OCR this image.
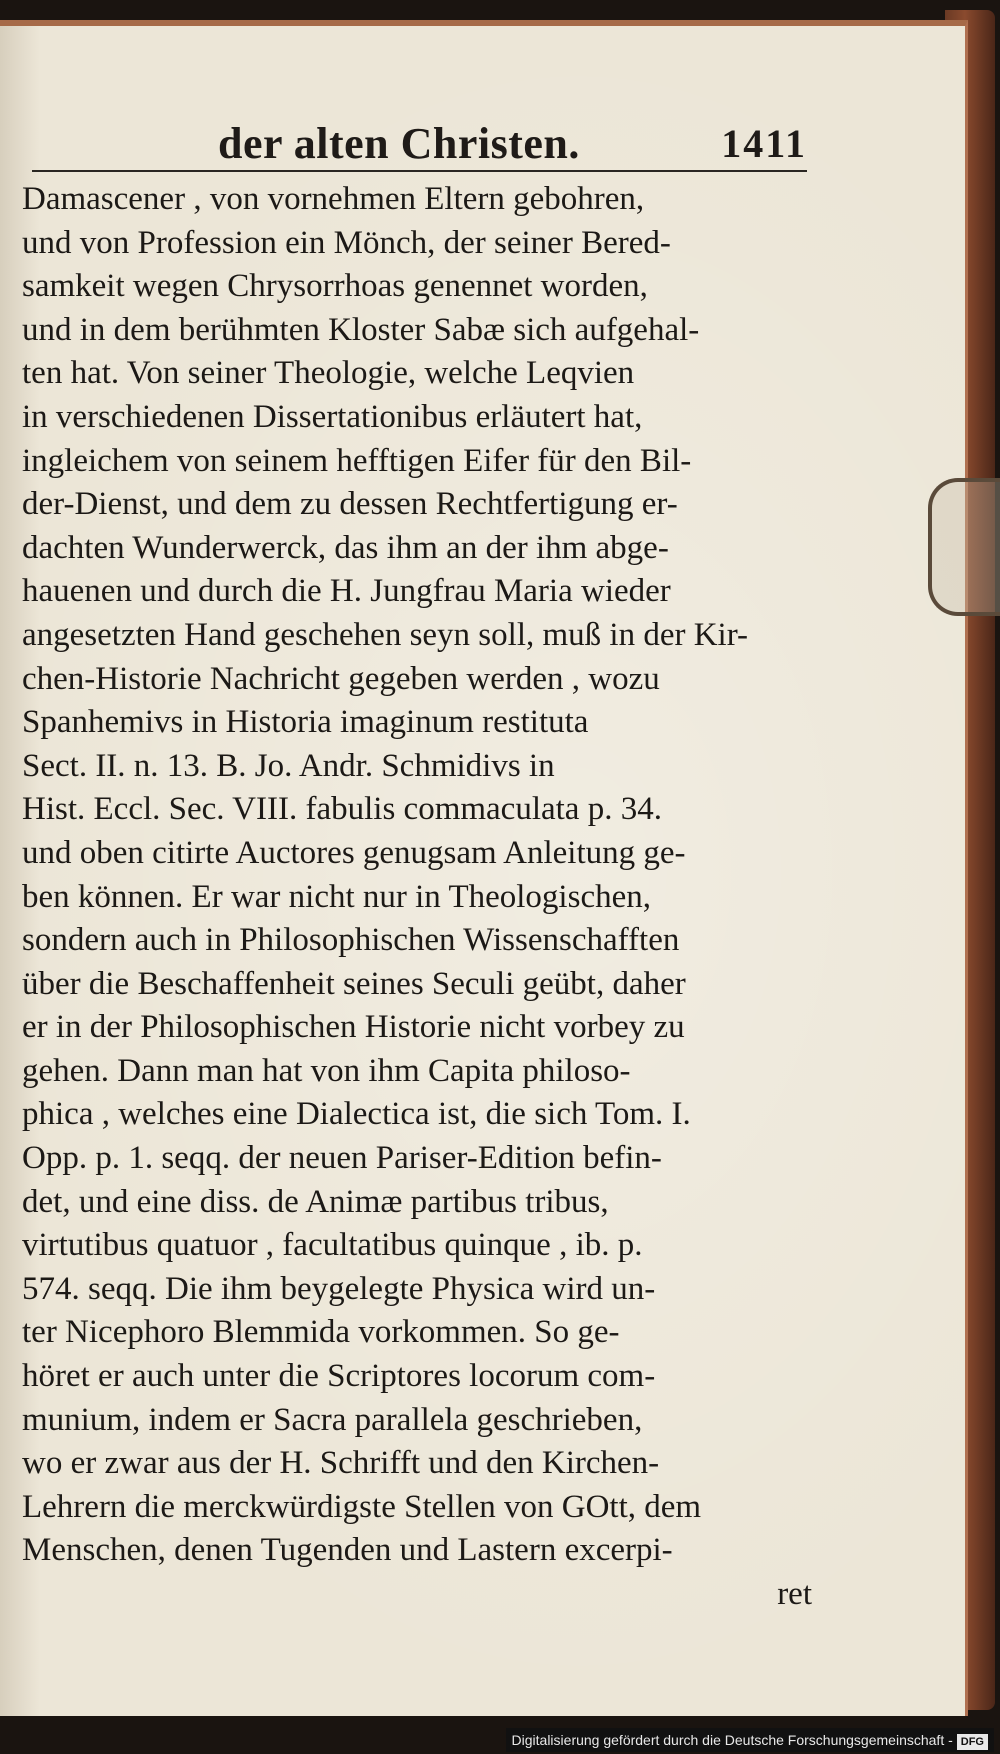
der alten Christen.	1411
Damascener , von vornehmen Eltern gebohren,
und von Profession ein Mönch, der seiner Bered-
samkeit wegen Chrysorrhoas genennet worden,
und in dem berühmten Kloster Sabæ sich aufgehal-
ten hat. Von seiner Theologie, welche Leqvien
in verschiedenen Dissertationibus erläutert hat,
ingleichem von seinem hefftigen Eifer für den Bil-
der-Dienst, und dem zu dessen Rechtfertigung er-
dachten Wunderwerck, das ihm an der ihm abge-
hauenen und durch die H. Jungfrau Maria wieder
angesetzten Hand geschehen seyn soll, muß in der Kir-
chen-Historie Nachricht gegeben werden , wozu
Spanhemivs in Historia imaginum restituta
Sect. II. n. 13. B. Jo. Andr. Schmidivs in
Hist. Eccl. Sec. VIII. fabulis commaculata p. 34.
und oben citirte Auctores genugsam Anleitung ge-
ben können. Er war nicht nur in Theologischen,
sondern auch in Philosophischen Wissenschafften
über die Beschaffenheit seines Seculi geübt, daher
er in der Philosophischen Historie nicht vorbey zu
gehen. Dann man hat von ihm Capita philoso-
phica , welches eine Dialectica ist, die sich Tom. I.
Opp. p. 1. seqq. der neuen Pariser-Edition befin-
det, und eine diss. de Animæ partibus tribus,
virtutibus quatuor , facultatibus quinque , ib. p.
574. seqq. Die ihm beygelegte Physica wird un-
ter Nicephoro Blemmida vorkommen. So ge-
höret er auch unter die Scriptores locorum com-
munium, indem er Sacra parallela geschrieben,
wo er zwar aus der H. Schrifft und den Kirchen-
Lehrern die merckwürdigste Stellen von GOtt, dem
Menschen, denen Tugenden und Lastern excerpi-
ret
Digitalisierung gefördert durch die Deutsche Forschungsgemeinschaft - DFG
